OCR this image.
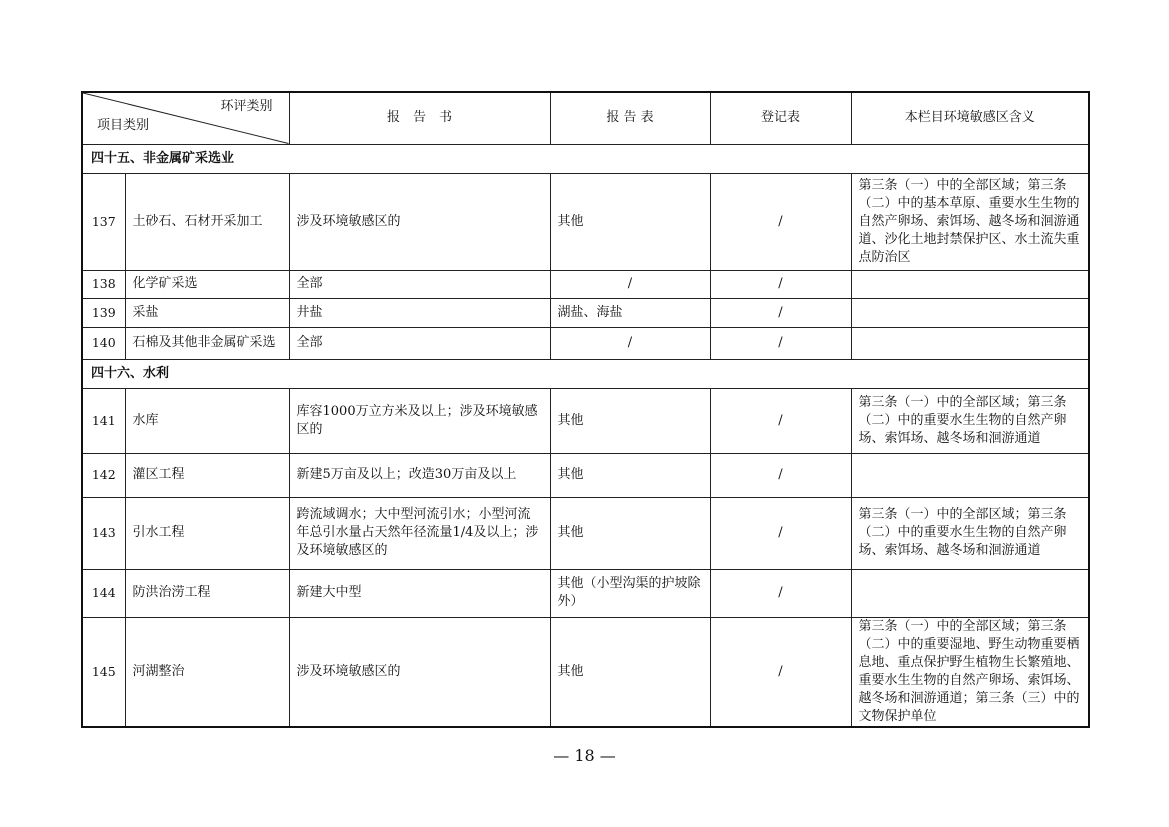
环评类别
项目类别		报　告　书	报 告 表	登记表	本栏目环境敏感区含义
四十五、非金属矿采选业					
137	土砂石、石材开采加工	涉及环境敏感区的	其他	/	第三条（一）中的全部区域；第三条（二）中的基本草原、重要水生生物的自然产卵场、索饵场、越冬场和洄游通道、沙化土地封禁保护区、水土流失重点防治区
138	化学矿采选	全部	/	/	
139	采盐	井盐	湖盐、海盐	/	
140	石棉及其他非金属矿采选	全部	/	/	
四十六、水利					
141	水库	库容1000万立方米及以上；涉及环境敏感区的	其他	/	第三条（一）中的全部区域；第三条（二）中的重要水生生物的自然产卵场、索饵场、越冬场和洄游通道
142	灌区工程	新建5万亩及以上；改造30万亩及以上	其他	/	
143	引水工程	跨流域调水；大中型河流引水；小型河流年总引水量占天然年径流量1/4及以上；涉及环境敏感区的	其他	/	第三条（一）中的全部区域；第三条（二）中的重要水生生物的自然产卵场、索饵场、越冬场和洄游通道
144	防洪治涝工程	新建大中型	其他（小型沟渠的护坡除外）	/	
145	河湖整治	涉及环境敏感区的	其他	/	第三条（一）中的全部区域；第三条（二）中的重要湿地、野生动物重要栖息地、重点保护野生植物生长繁殖地、重要水生生物的自然产卵场、索饵场、越冬场和洄游通道；第三条（三）中的文物保护单位
— 18 —
